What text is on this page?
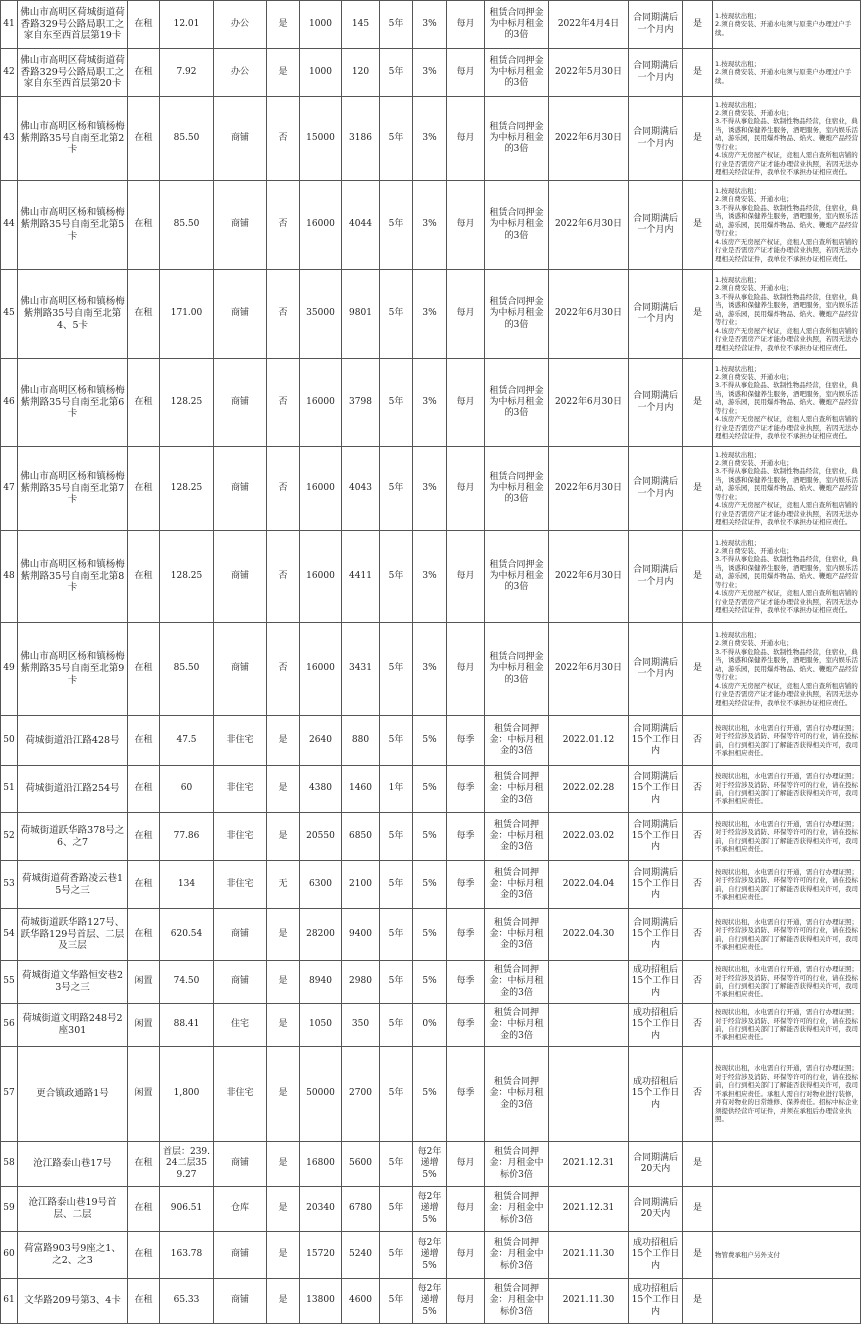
41	佛山市高明区荷城街道荷香路329号公路局职工之家自东至西首层第19卡	在租	12.01	办公	是	1000	145	5年	3%	每月	租赁合同押金为中标月租金的3倍	2022年4月4日	合同期满后一个月内	是	1.按现状出租；
2.须自费安装、开通水电须与原業户办理过户手续。
42	佛山市高明区荷城街道荷香路329号公路局职工之家自东至西首层第20卡	在租	7.92	办公	是	1000	120	5年	3%	每月	租赁合同押金为中标月租金的3倍	2022年5月30日	合同期满后一个月内	是	1.按现状出租；
2.须自费安装、开通水电须与原業户办理过户手续。
43	佛山市高明区杨和镇杨梅紫荆路35号自南至北第2卡	在租	85.50	商铺	否	15000	3186	5年	3%	每月	租赁合同押金为中标月租金的3倍	2022年6月30日	合同期满后一个月内	是	1.按现状出租；
2.须自费安装、开通水电；
3.不得从事危险品、软制性物品经营，住宿业，典当，诱惑和保健养生服务，酒吧服务，室内娱乐活动，游乐园，民用爆炸物品、焰火、鞭炮产品经营等行业；
4.该房产无房屋产权证，竞租人需自查所租店铺的行业是否需房产证才能办理营业执照，若因无法办理相关经营证件，我单位不承担办证相应责任。
44	佛山市高明区杨和镇杨梅紫荆路35号自南至北第5卡	在租	85.50	商铺	否	16000	4044	5年	3%	每月	租赁合同押金为中标月租金的3倍	2022年6月30日	合同期满后一个月内	是	1.按现状出租；
2.须自费安装、开通水电；
3.不得从事危险品、软制性物品经营，住宿业，典当，诱惑和保健养生服务，酒吧服务，室内娱乐活动，游乐园，民用爆炸物品、焰火、鞭炮产品经营等行业；
4.该房产无房屋产权证，竞租人需自查所租店铺的行业是否需房产证才能办理营业执照，若因无法办理相关经营证件，我单位不承担办证相应责任。
45	佛山市高明区杨和镇杨梅紫荆路35号自南至北第4、5卡	在租	171.00	商铺	否	35000	9801	5年	3%	每月	租赁合同押金为中标月租金的3倍	2022年6月30日	合同期满后一个月内	是	1.按现状出租；
2.须自费安装、开通水电；
3.不得从事危险品、软制性物品经营，住宿业，典当，诱惑和保健养生服务，酒吧服务，室内娱乐活动，游乐园，民用爆炸物品、焰火、鞭炮产品经营等行业；
4.该房产无房屋产权证，竞租人需自查所租店铺的行业是否需房产证才能办理营业执照，若因无法办理相关经营证件，我单位不承担办证相应责任。
46	佛山市高明区杨和镇杨梅紫荆路35号自南至北第6卡	在租	128.25	商铺	否	16000	3798	5年	3%	每月	租赁合同押金为中标月租金的3倍	2022年6月30日	合同期满后一个月内	是	1.按现状出租；
2.须自费安装、开通水电；
3.不得从事危险品、软制性物品经营，住宿业，典当，诱惑和保健养生服务，酒吧服务，室内娱乐活动，游乐园，民用爆炸物品、焰火、鞭炮产品经营等行业；
4.该房产无房屋产权证，竞租人需自查所租店铺的行业是否需房产证才能办理营业执照，若因无法办理相关经营证件，我单位不承担办证相应责任。
47	佛山市高明区杨和镇杨梅紫荆路35号自南至北第7卡	在租	128.25	商铺	否	16000	4043	5年	3%	每月	租赁合同押金为中标月租金的3倍	2022年6月30日	合同期满后一个月内	是	1.按现状出租；
2.须自费安装、开通水电；
3.不得从事危险品、软制性物品经营，住宿业，典当，诱惑和保健养生服务，酒吧服务，室内娱乐活动，游乐园，民用爆炸物品、焰火、鞭炮产品经营等行业；
4.该房产无房屋产权证，竞租人需自查所租店铺的行业是否需房产证才能办理营业执照，若因无法办理相关经营证件，我单位不承担办证相应责任。
48	佛山市高明区杨和镇杨梅紫荆路35号自南至北第8卡	在租	128.25	商铺	否	16000	4411	5年	3%	每月	租赁合同押金为中标月租金的3倍	2022年6月30日	合同期满后一个月内	是	1.按现状出租；
2.须自费安装、开通水电；
3.不得从事危险品、软制性物品经营，住宿业，典当，诱惑和保健养生服务，酒吧服务，室内娱乐活动，游乐园，民用爆炸物品、焰火、鞭炮产品经营等行业；
4.该房产无房屋产权证，竞租人需自查所租店铺的行业是否需房产证才能办理营业执照，若因无法办理相关经营证件，我单位不承担办证相应责任。
49	佛山市高明区杨和镇杨梅紫荆路35号自南至北第9卡	在租	85.50	商铺	否	16000	3431	5年	3%	每月	租赁合同押金为中标月租金的3倍	2022年6月30日	合同期满后一个月内	是	1.按现状出租；
2.须自费安装、开通水电；
3.不得从事危险品、软制性物品经营，住宿业，典当，诱惑和保健养生服务，酒吧服务，室内娱乐活动，游乐园，民用爆炸物品、焰火、鞭炮产品经营等行业；
4.该房产无房屋产权证，竞租人需自查所租店铺的行业是否需房产证才能办理营业执照，若因无法办理相关经营证件，我单位不承担办证相应责任。
50	荷城街道沿江路428号	在租	47.5	非住宅	是	2640	880	5年	5%	每季	租赁合同押金：中标月租金的3倍	2022.01.12	合同期满后15个工作日内	否	按现状出租，水电需自行开通，需自行办理证照；对于经营涉及消防、环保等许可的行业，请在投标前，自行到相关部门了解能否获得相关许可，我司不承担相应责任。
51	荷城街道沿江路254号	在租	60	非住宅	是	4380	1460	1年	5%	每季	租赁合同押金：中标月租金的3倍	2022.02.28	合同期满后15个工作日内	否	按现状出租，水电需自行开通，需自行办理证照；对于经营涉及消防、环保等许可的行业，请在投标前，自行到相关部门了解能否获得相关许可，我司不承担相应责任。
52	荷城街道跃华路378号之6、之7	在租	77.86	非住宅	是	20550	6850	5年	5%	每季	租赁合同押金：中标月租金的3倍	2022.03.02	合同期满后15个工作日内	否	按现状出租，水电需自行开通，需自行办理证照；对于经营涉及消防、环保等许可的行业，请在投标前，自行到相关部门了解能否获得相关许可，我司不承担相应责任。
53	荷城街道荷香路凌云巷15号之三	在租	134	非住宅	无	6300	2100	5年	5%	每季	租赁合同押金：中标月租金的3倍	2022.04.04	合同期满后15个工作日内	否	按现状出租，水电需自行开通，需自行办理证照；对于经营涉及消防、环保等许可的行业，请在投标前，自行到相关部门了解能否获得相关许可，我司不承担相应责任。
54	荷城街道跃华路127号、跃华路129号首层、二层及三层	在租	620.54	商铺	是	28200	9400	5年	5%	每季	租赁合同押金：中标月租金的3倍	2022.04.30	合同期满后15个工作日内	否	按现状出租，水电需自行开通，需自行办理证照；对于经营涉及消防、环保等许可的行业，请在投标前，自行到相关部门了解能否获得相关许可，我司不承担相应责任。
55	荷城街道文华路恒安巷23号之三	闲置	74.50	商铺	是	8940	2980	5年	5%	每季	租赁合同押金：中标月租金的3倍		成功招租后15个工作日内	否	按现状出租，水电需自行开通，需自行办理证照；对于经营涉及消防、环保等许可的行业，请在投标前，自行到相关部门了解能否获得相关许可，我司不承担相应责任。
56	荷城街道文明路248号2座301	闲置	88.41	住宅	是	1050	350	5年	0%	每季	租赁合同押金：中标月租金的3倍		成功招租后15个工作日内	否	按现状出租，水电需自行开通，需自行办理证照；对于经营涉及消防、环保等许可的行业，请在投标前，自行到相关部门了解能否获得相关许可，我司不承担相应责任。
57	更合镇政通路1号	闲置	1,800	非住宅	是	50000	2700	5年	5%	每季	租赁合同押金：中标月租金的3倍		成功招租后15个工作日内	否	按现状出租，水电需自行开通，需自行办理证照；对于经营涉及消防、环保等许可的行业，请在投标前，自行到相关部门了解能否获得相关许可，我司不承担相应责任。承租人需自行对物业进行装修，并有对物业的日常维修、保养责任。招标中标企业须提供经营许可证件，并须在承租后办理营业执照。
58	沧江路泰山巷17号	在租	首层：239.24二层359.27	商铺	是	16800	5600	5年	每2年递增5%	每月	租赁合同押金：月租金中标价3倍	2021.12.31	合同期满后20天内	是	
59	沧江路泰山巷19号首层、二层	在租	906.51	仓库	是	20340	6780	5年	每2年递增5%	每月	租赁合同押金：月租金中标价3倍	2021.12.31	合同期满后20天内	是	
60	荷富路903号9座之1、之2、之3	在租	163.78	商铺	是	15720	5240	5年	每2年递增5%	每月	租赁合同押金：月租金中标价3倍	2021.11.30	成功招租后15个工作日内	是	物管费承租户另外支付
61	文华路209号第3、4卡	在租	65.33	商铺	是	13800	4600	5年	每2年递增5%	每月	租赁合同押金：月租金中标价3倍	2021.11.30	成功招租后15个工作日内	是	
